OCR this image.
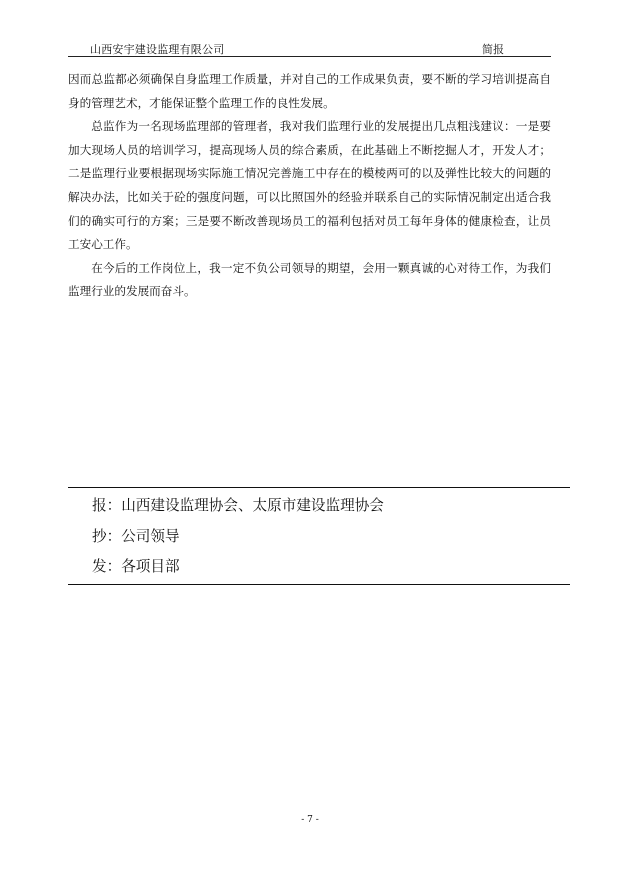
山西安宇建设监理有限公司	简报

因而总监都必须确保自身监理工作质量，并对自己的工作成果负责，要不断的学习培训提高自身的管理艺术，才能保证整个监理工作的良性发展。

总监作为一名现场监理部的管理者，我对我们监理行业的发展提出几点粗浅建议：一是要加大现场人员的培训学习，提高现场人员的综合素质，在此基础上不断挖掘人才，开发人才；二是监理行业要根据现场实际施工情况完善施工中存在的模棱两可的以及弹性比较大的问题的解决办法，比如关于砼的强度问题，可以比照国外的经验并联系自己的实际情况制定出适合我们的确实可行的方案；三是要不断改善现场员工的福利包括对员工每年身体的健康检查，让员工安心工作。

在今后的工作岗位上，我一定不负公司领导的期望，会用一颗真诚的心对待工作，为我们监理行业的发展而奋斗。

报：山西建设监理协会、太原市建设监理协会
抄：公司领导
发：各项目部
- 7 -
